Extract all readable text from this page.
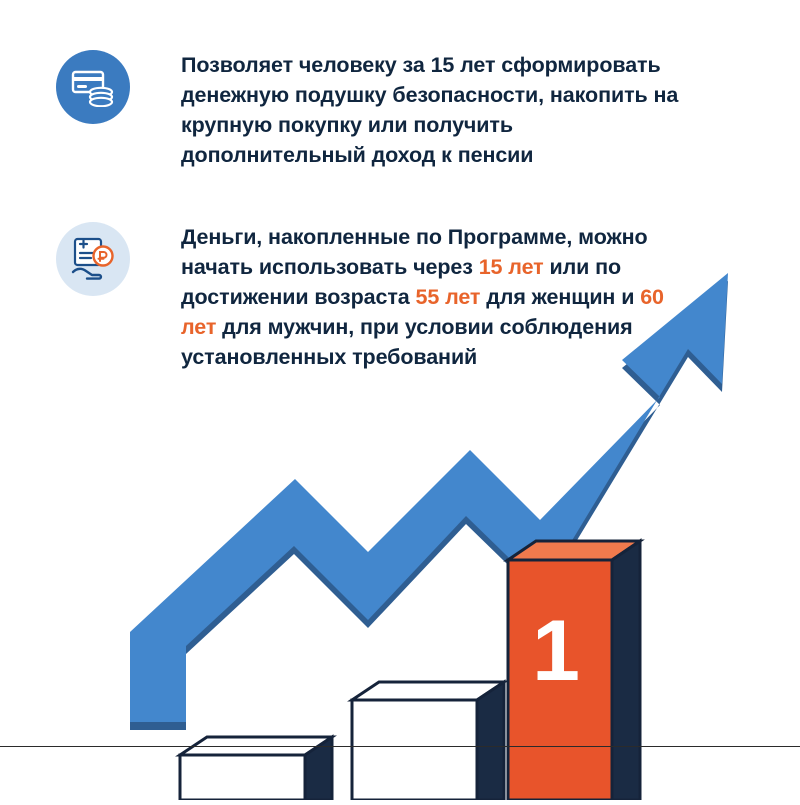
1
Позволяет человеку за 15 лет сформировать денежную подушку безопасности, накопить на крупную покупку или получить дополнительный доход к пенсии
Деньги, накопленные по Программе, можно начать использовать через 15 лет или по достижении возраста 55 лет для женщин и 60 лет для мужчин, при условии соблюдения установленных требований
